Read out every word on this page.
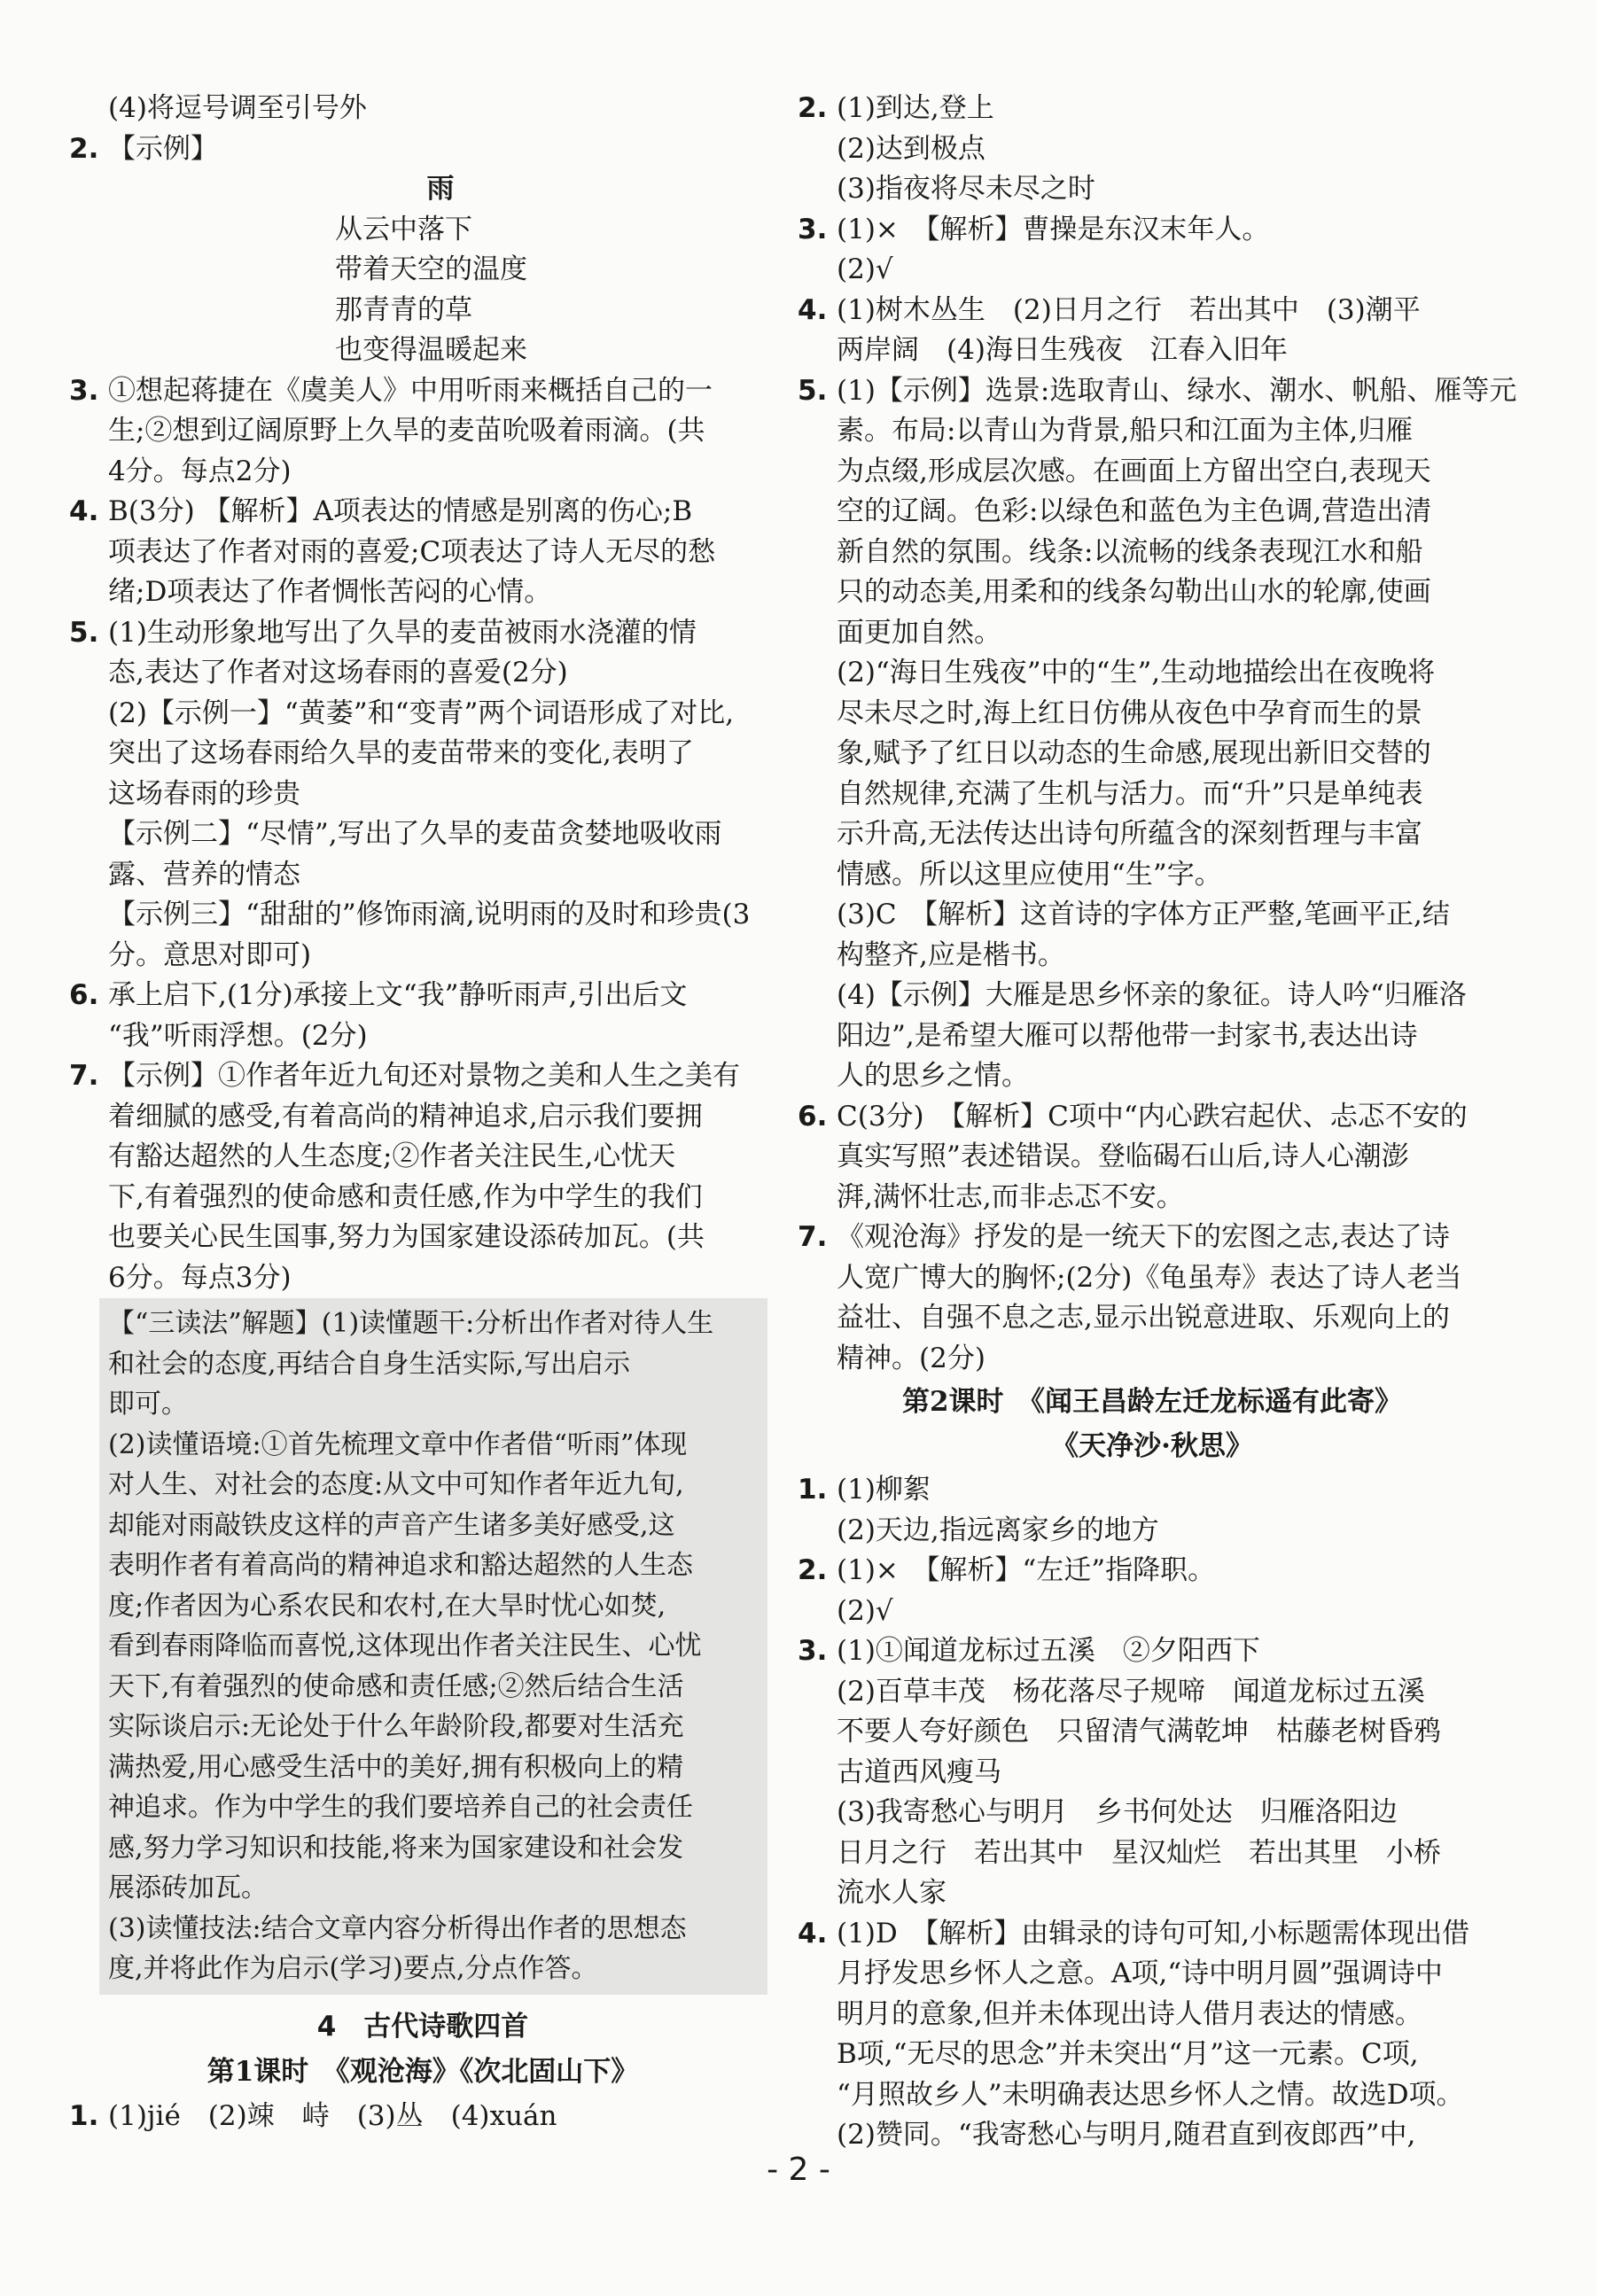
(4)将逗号调至引号外
2. 【示例】
雨
从云中落下
带着天空的温度
那青青的草
也变得温暖起来
3. ①想起蒋捷在《虞美人》中用听雨来概括自己的一
生;②想到辽阔原野上久旱的麦苗吮吸着雨滴。(共
4分。每点2分)
4. B(3分) 【解析】A项表达的情感是别离的伤心;B
项表达了作者对雨的喜爱;C项表达了诗人无尽的愁
绪;D项表达了作者惆怅苦闷的心情。
5. (1)生动形象地写出了久旱的麦苗被雨水浇灌的情
态,表达了作者对这场春雨的喜爱(2分)
(2)【示例一】“黄萎”和“变青”两个词语形成了对比,
突出了这场春雨给久旱的麦苗带来的变化,表明了
这场春雨的珍贵
【示例二】“尽情”,写出了久旱的麦苗贪婪地吸收雨
露、营养的情态
【示例三】“甜甜的”修饰雨滴,说明雨的及时和珍贵(3
分。意思对即可)
6. 承上启下,(1分)承接上文“我”静听雨声,引出后文
“我”听雨浮想。(2分)
7. 【示例】①作者年近九旬还对景物之美和人生之美有
着细腻的感受,有着高尚的精神追求,启示我们要拥
有豁达超然的人生态度;②作者关注民生,心忧天
下,有着强烈的使命感和责任感,作为中学生的我们
也要关心民生国事,努力为国家建设添砖加瓦。(共
6分。每点3分)
【“三读法”解题】(1)读懂题干:分析出作者对待人生
和社会的态度,再结合自身生活实际,写出启示
即可。
(2)读懂语境:①首先梳理文章中作者借“听雨”体现
对人生、对社会的态度:从文中可知作者年近九旬,
却能对雨敲铁皮这样的声音产生诸多美好感受,这
表明作者有着高尚的精神追求和豁达超然的人生态
度;作者因为心系农民和农村,在大旱时忧心如焚,
看到春雨降临而喜悦,这体现出作者关注民生、心忧
天下,有着强烈的使命感和责任感;②然后结合生活
实际谈启示:无论处于什么年龄阶段,都要对生活充
满热爱,用心感受生活中的美好,拥有积极向上的精
神追求。作为中学生的我们要培养自己的社会责任
感,努力学习知识和技能,将来为国家建设和社会发
展添砖加瓦。
(3)读懂技法:结合文章内容分析得出作者的思想态
度,并将此作为启示(学习)要点,分点作答。
4　古代诗歌四首
第1课时　《观沧海》《次北固山下》
1. (1)jié　(2)竦　峙　(3)丛　(4)xuán
2. (1)到达,登上
(2)达到极点
(3)指夜将尽未尽之时
3. (1)×　【解析】曹操是东汉末年人。
(2)√
4. (1)树木丛生　(2)日月之行　若出其中　(3)潮平
两岸阔　(4)海日生残夜　江春入旧年
5. (1)【示例】选景:选取青山、绿水、潮水、帆船、雁等元
素。布局:以青山为背景,船只和江面为主体,归雁
为点缀,形成层次感。在画面上方留出空白,表现天
空的辽阔。色彩:以绿色和蓝色为主色调,营造出清
新自然的氛围。线条:以流畅的线条表现江水和船
只的动态美,用柔和的线条勾勒出山水的轮廓,使画
面更加自然。
(2)“海日生残夜”中的“生”,生动地描绘出在夜晚将
尽未尽之时,海上红日仿佛从夜色中孕育而生的景
象,赋予了红日以动态的生命感,展现出新旧交替的
自然规律,充满了生机与活力。而“升”只是单纯表
示升高,无法传达出诗句所蕴含的深刻哲理与丰富
情感。所以这里应使用“生”字。
(3)C　【解析】这首诗的字体方正严整,笔画平正,结
构整齐,应是楷书。
(4)【示例】大雁是思乡怀亲的象征。诗人吟“归雁洛
阳边”,是希望大雁可以帮他带一封家书,表达出诗
人的思乡之情。
6. C(3分)　【解析】C项中“内心跌宕起伏、忐忑不安的
真实写照”表述错误。登临碣石山后,诗人心潮澎
湃,满怀壮志,而非忐忑不安。
7. 《观沧海》抒发的是一统天下的宏图之志,表达了诗
人宽广博大的胸怀;(2分)《龟虽寿》表达了诗人老当
益壮、自强不息之志,显示出锐意进取、乐观向上的
精神。(2分)
第2课时　《闻王昌龄左迁龙标遥有此寄》
《天净沙·秋思》
1. (1)柳絮
(2)天边,指远离家乡的地方
2. (1)×　【解析】“左迁”指降职。
(2)√
3. (1)①闻道龙标过五溪　②夕阳西下
(2)百草丰茂　杨花落尽子规啼　闻道龙标过五溪
不要人夸好颜色　只留清气满乾坤　枯藤老树昏鸦
古道西风瘦马
(3)我寄愁心与明月　乡书何处达　归雁洛阳边
日月之行　若出其中　星汉灿烂　若出其里　小桥
流水人家
4. (1)D　【解析】由辑录的诗句可知,小标题需体现出借
月抒发思乡怀人之意。A项,“诗中明月圆”强调诗中
明月的意象,但并未体现出诗人借月表达的情感。
B项,“无尽的思念”并未突出“月”这一元素。C项,
“月照故乡人”未明确表达思乡怀人之情。故选D项。
(2)赞同。“我寄愁心与明月,随君直到夜郎西”中,
- 2 -
